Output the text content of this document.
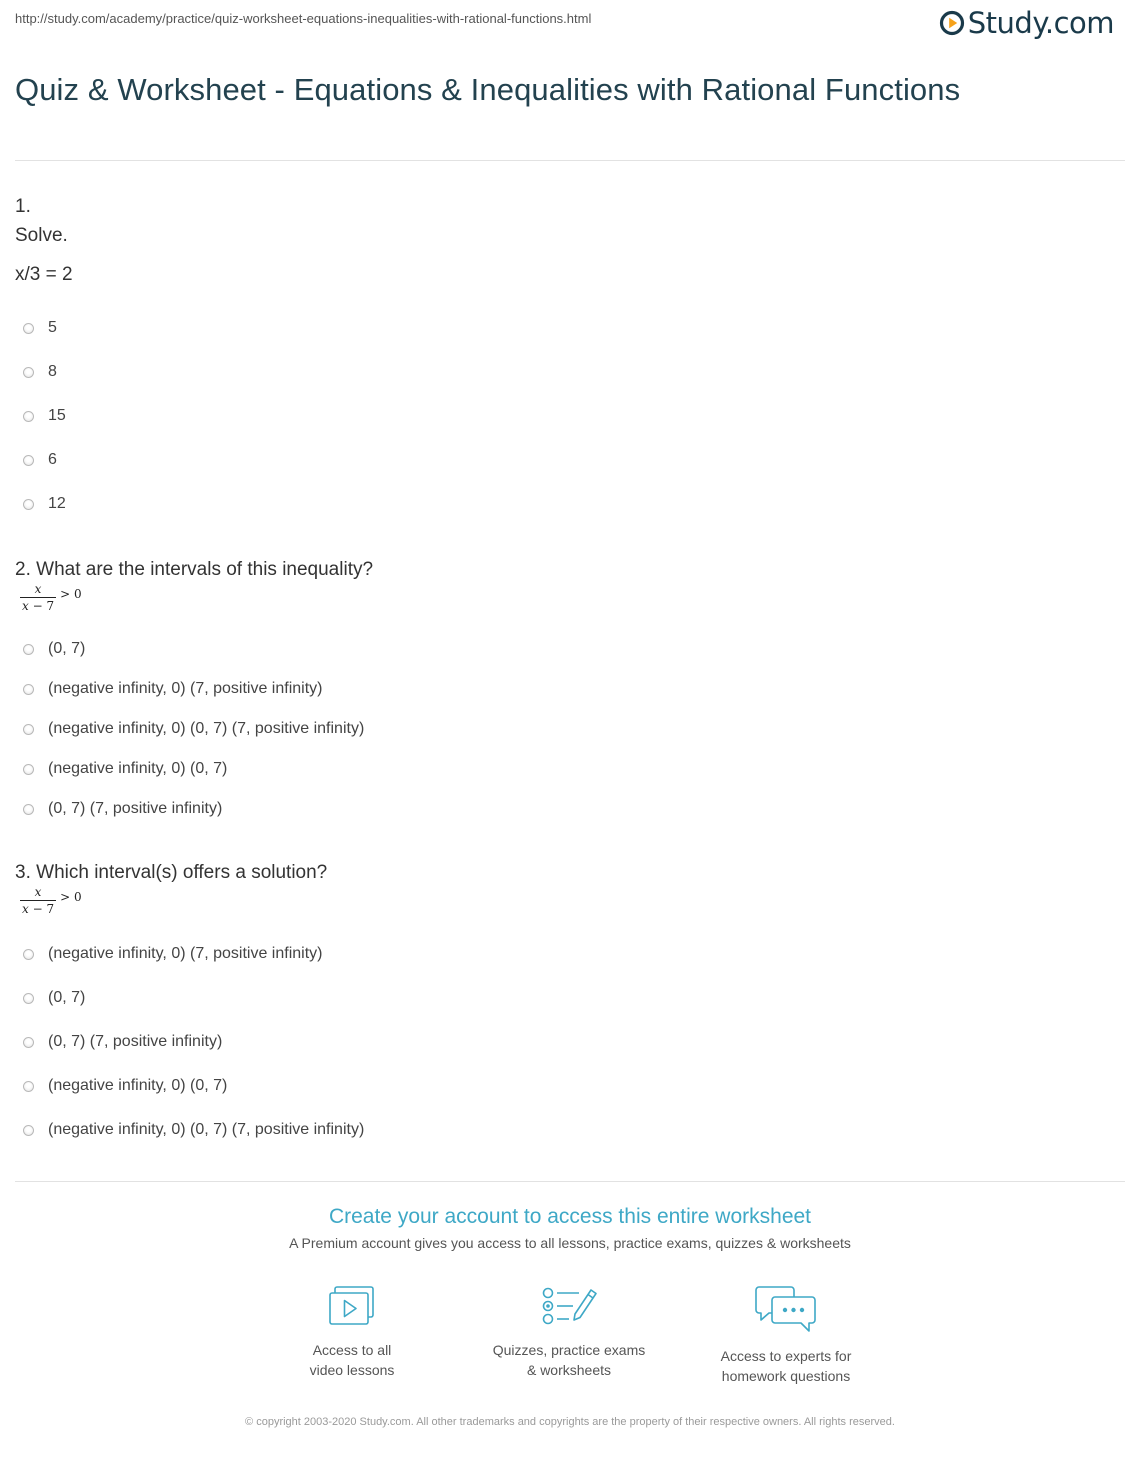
http://study.com/academy/practice/quiz-worksheet-equations-inequalities-with-rational-functions.html	Study.com
Quiz & Worksheet - Equations & Inequalities with Rational Functions
1.
Solve.
x/3 = 2
5
8
15
6
12
2. What are the intervals of this inequality?
$\frac{x}{x - 7} > 0$
(0, 7)
(negative infinity, 0) (7, positive infinity)
(negative infinity, 0) (0, 7) (7, positive infinity)
(negative infinity, 0) (0, 7)
(0, 7) (7, positive infinity)
3. Which interval(s) offers a solution?
$\frac{x}{x - 7} > 0$
(negative infinity, 0) (7, positive infinity)
(0, 7)
(0, 7) (7, positive infinity)
(negative infinity, 0) (0, 7)
(negative infinity, 0) (0, 7) (7, positive infinity)
Create your account to access this entire worksheet
A Premium account gives you access to all lessons, practice exams, quizzes & worksheets
Access to all
video lessons
Quizzes, practice exams
& worksheets
Access to experts for
homework questions
© copyright 2003-2020 Study.com. All other trademarks and copyrights are the property of their respective owners. All rights reserved.
